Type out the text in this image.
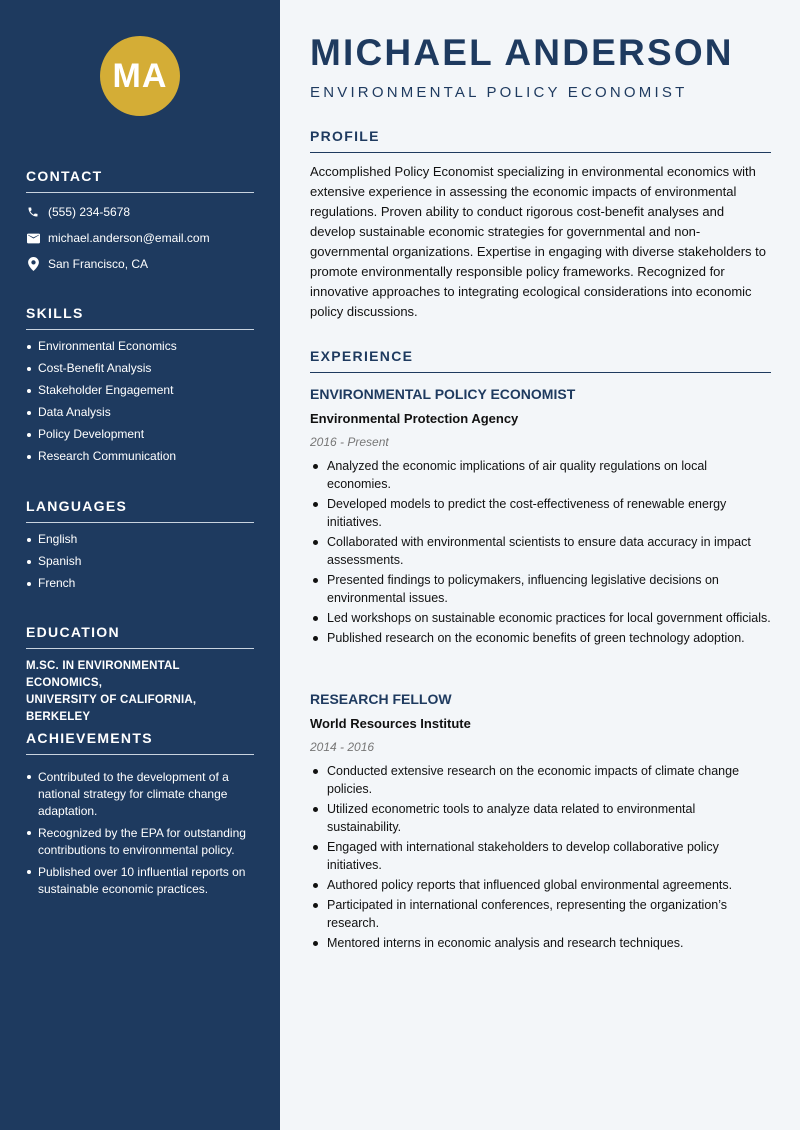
MA
CONTACT
(555) 234-5678
michael.anderson@email.com
San Francisco, CA
SKILLS
Environmental Economics
Cost-Benefit Analysis
Stakeholder Engagement
Data Analysis
Policy Development
Research Communication
LANGUAGES
English
Spanish
French
EDUCATION
M.SC. IN ENVIRONMENTAL ECONOMICS,
UNIVERSITY OF CALIFORNIA, BERKELEY
ACHIEVEMENTS
Contributed to the development of a national strategy for climate change adaptation.
Recognized by the EPA for outstanding contributions to environmental policy.
Published over 10 influential reports on sustainable economic practices.
MICHAEL ANDERSON
ENVIRONMENTAL POLICY ECONOMIST
PROFILE

Accomplished Policy Economist specializing in environmental economics with extensive experience in assessing the economic impacts of environmental regulations. Proven ability to conduct rigorous cost-benefit analyses and develop sustainable economic strategies for governmental and non-governmental organizations. Expertise in engaging with diverse stakeholders to promote environmentally responsible policy frameworks. Recognized for innovative approaches to integrating ecological considerations into economic policy discussions.

EXPERIENCE
ENVIRONMENTAL POLICY ECONOMIST
Environmental Protection Agency
2016 - Present
Analyzed the economic implications of air quality regulations on local economies.
Developed models to predict the cost-effectiveness of renewable energy initiatives.
Collaborated with environmental scientists to ensure data accuracy in impact assessments.
Presented findings to policymakers, influencing legislative decisions on environmental issues.
Led workshops on sustainable economic practices for local government officials.
Published research on the economic benefits of green technology adoption.
RESEARCH FELLOW
World Resources Institute
2014 - 2016
Conducted extensive research on the economic impacts of climate change policies.
Utilized econometric tools to analyze data related to environmental sustainability.
Engaged with international stakeholders to develop collaborative policy initiatives.
Authored policy reports that influenced global environmental agreements.
Participated in international conferences, representing the organization’s research.
Mentored interns in economic analysis and research techniques.
